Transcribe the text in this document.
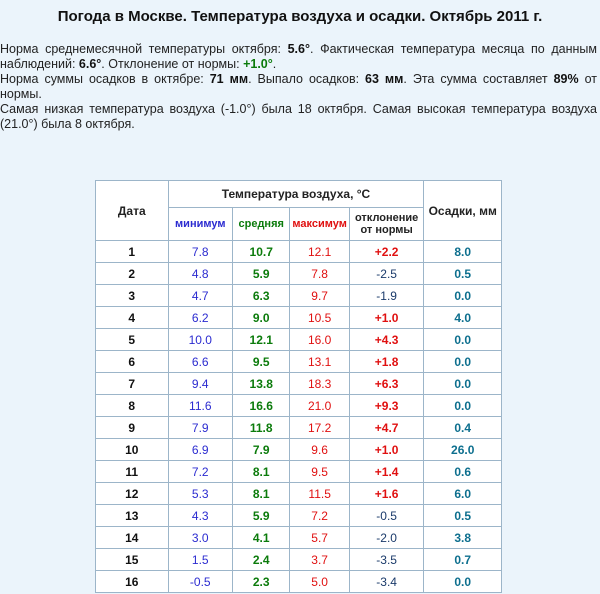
Погода в Москве. Температура воздуха и осадки. Октябрь 2011 г.

Норма среднемесячной температуры октября: 5.6°. Фактическая температура месяца по данным наблюдений: 6.6°. Отклонение от нормы: +1.0°.

Норма суммы осадков в октябре: 71 мм. Выпало осадков: 63 мм. Эта сумма составляет 89% от нормы.

Самая низкая температура воздуха (-1.0°) была 18 октября. Самая высокая температура воздуха (21.0°) была 8 октября.

Дата	Температура воздуха, °С				Осадки, мм
	минимум	средняя	максимум	отклонение от нормы	
1	7.8	10.7	12.1	+2.2	8.0
2	4.8	5.9	7.8	-2.5	0.5
3	4.7	6.3	9.7	-1.9	0.0
4	6.2	9.0	10.5	+1.0	4.0
5	10.0	12.1	16.0	+4.3	0.0
6	6.6	9.5	13.1	+1.8	0.0
7	9.4	13.8	18.3	+6.3	0.0
8	11.6	16.6	21.0	+9.3	0.0
9	7.9	11.8	17.2	+4.7	0.4
10	6.9	7.9	9.6	+1.0	26.0
11	7.2	8.1	9.5	+1.4	0.6
12	5.3	8.1	11.5	+1.6	6.0
13	4.3	5.9	7.2	-0.5	0.5
14	3.0	4.1	5.7	-2.0	3.8
15	1.5	2.4	3.7	-3.5	0.7
16	-0.5	2.3	5.0	-3.4	0.0
